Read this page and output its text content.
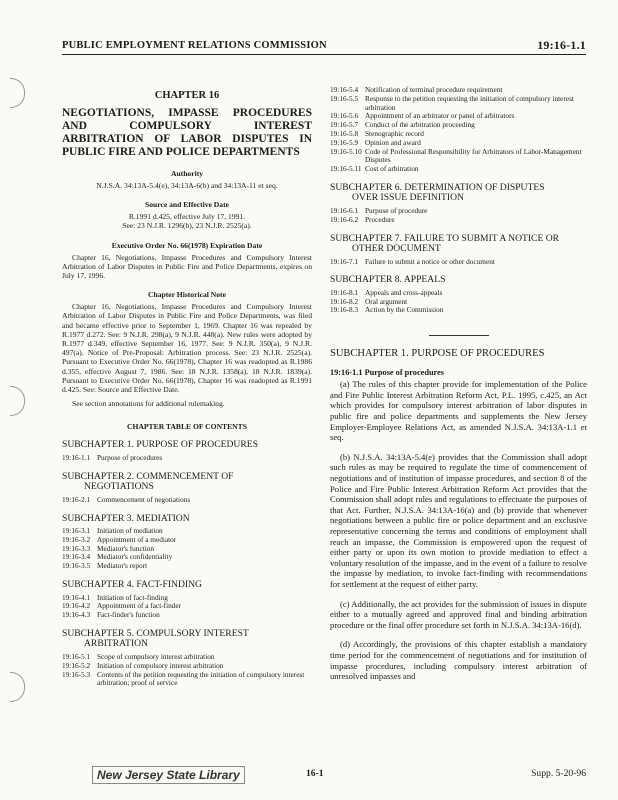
PUBLIC EMPLOYMENT RELATIONS COMMISSION	19:16-1.1
CHAPTER 16
NEGOTIATIONS, IMPASSE PROCEDURES AND COMPULSORY INTEREST ARBITRATION OF LABOR DISPUTES IN PUBLIC FIRE AND POLICE DEPARTMENTS
Authority
N.J.S.A. 34:13A-5.4(e), 34:13A-6(b) and 34:13A-11 et seq.
Source and Effective Date
R.1991 d.425, effective July 17, 1991.
See: 23 N.J.R. 1296(b), 23 N.J.R. 2525(a).
Executive Order No. 66(1978) Expiration Date
Chapter 16, Negotiations, Impasse Procedures and Compulsory Interest Arbitration of Labor Disputes in Public Fire and Police Departments, expires on July 17, 1996.
Chapter Historical Note
Chapter 16, Negotiations, Impasse Procedures and Compulsory Interest Arbitration of Labor Disputes in Public Fire and Police Departments, was filed and became effective prior to September 1, 1969. Chapter 16 was repealed by R.1977 d.272. See: 9 N.J.R. 298(a), 9 N.J.R. 448(a). New rules were adopted by R.1977 d.349, effective September 16, 1977. See: 9 N.J.R. 350(a), 9 N.J.R. 497(a). Notice of Pre-Proposal: Arbitration process. See: 23 N.J.R. 2525(a). Pursuant to Executive Order No. 66(1978), Chapter 16 was readopted as R.1986 d.355, effective August 7, 1986. See: 18 N.J.R. 1358(a), 18 N.J.R. 1839(a). Pursuant to Executive Order No. 66(1978), Chapter 16 was readopted as R.1991 d.425. See: Source and Effective Date.
See section annotations for additional rulemaking.
CHAPTER TABLE OF CONTENTS
SUBCHAPTER 1. PURPOSE OF PROCEDURES
19:16-1.1 Purpose of procedures
SUBCHAPTER 2. COMMENCEMENT OF
NEGOTIATIONS
19:16-2.1 Commencement of negotiations
SUBCHAPTER 3. MEDIATION
19:16-3.1 Initiation of mediation
19:16-3.2 Appointment of a mediator
19:16-3.3 Mediator's function
19:16-3.4 Mediator's confidentiality
19:16-3.5 Mediator's report
SUBCHAPTER 4. FACT-FINDING
19:16-4.1 Initiation of fact-finding
19:16-4.2 Appointment of a fact-finder
19:16-4.3 Fact-finder's function
SUBCHAPTER 5. COMPULSORY INTEREST
ARBITRATION
19:16-5.1 Scope of compulsory interest arbitration
19:16-5.2 Initiation of compulsory interest arbitration
19:16-5.3 Contents of the petition requesting the initiation of compulsory interest arbitration; proof of service
19:16-5.4 Notification of terminal procedure requirement
19:16-5.5 Response to the petition requesting the initiation of compulsory interest arbitration
19:16-5.6 Appointment of an arbitrator or panel of arbitrators
19:16-5.7 Conduct of the arbitration proceeding
19:16-5.8 Stenographic record
19:16-5.9 Opinion and award
19:16-5.10 Code of Professional Responsibility for Arbitrators of Labor-Management Disputes
19:16-5.11 Cost of arbitration
SUBCHAPTER 6. DETERMINATION OF DISPUTES
OVER ISSUE DEFINITION
19:16-6.1 Purpose of procedure
19:16-6.2 Procedure
SUBCHAPTER 7. FAILURE TO SUBMIT A NOTICE OR
OTHER DOCUMENT
19:16-7.1 Failure to submit a notice or other document
SUBCHAPTER 8. APPEALS
19:16-8.1 Appeals and cross-appeals
19:16-8.2 Oral argument
19:16-8.3 Action by the Commission
SUBCHAPTER 1. PURPOSE OF PROCEDURES
19:16-1.1 Purpose of procedures
(a) The rules of this chapter provide for implementation of the Police and Fire Public Interest Arbitration Reform Act, P.L. 1995, c.425, an Act which provides for compulsory interest arbitration of labor disputes in public fire and police departments and supplements the New Jersey Employer-Employee Relations Act, as amended N.J.S.A. 34:13A-1.1 et seq.
(b) N.J.S.A. 34:13A-5.4(e) provides that the Commission shall adopt such rules as may be required to regulate the time of commencement of negotiations and of institution of impasse procedures, and section 8 of the Police and Fire Public Interest Arbitration Reform Act provides that the Commission shall adopt rules and regulations to effectuate the purposes of that Act. Further, N.J.S.A. 34:13A-16(a) and (b) provide that whenever negotiations between a public fire or police department and an exclusive representative concerning the terms and conditions of employment shall reach an impasse, the Commission is empowered upon the request of either party or upon its own motion to provide mediation to effect a voluntary resolution of the impasse, and in the event of a failure to resolve the impasse by mediation, to invoke fact-finding with recommendations for settlement at the request of either party.
(c) Additionally, the act provides for the submission of issues in dispute either to a mutually agreed and approved final and binding arbitration procedure or the final offer procedure set forth in N.J.S.A. 34:13A-16(d).
(d) Accordingly, the provisions of this chapter establish a mandatory time period for the commencement of negotiations and for institution of impasse procedures, including compulsory interest arbitration of unresolved impasses and
New Jersey State Library	16-1	Supp. 5-20-96
